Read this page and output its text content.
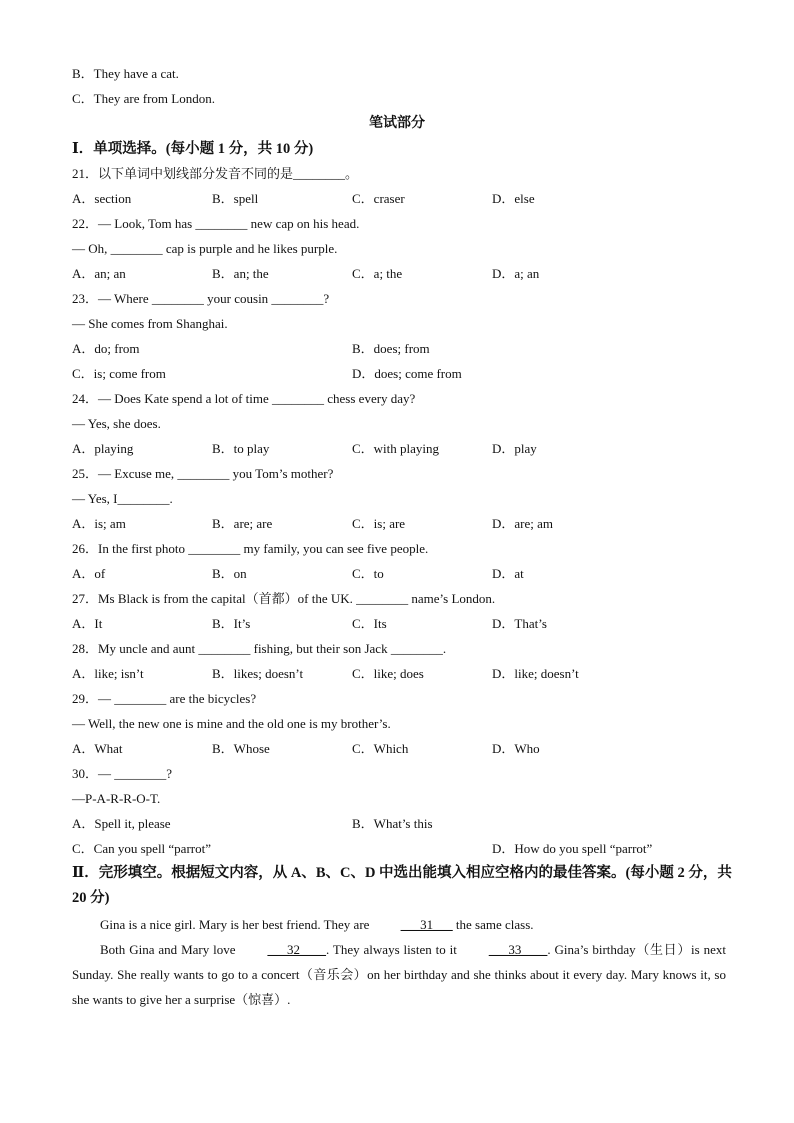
B．They have a cat.
C．They are from London.
笔试部分
Ⅰ．单项选择。(每小题 1 分，共 10 分)
21．以下单词中划线部分发音不同的是________。
A．section	B．spell	C．craser	D．else
22．— Look, Tom has ________ new cap on his head.
— Oh, ________ cap is purple and he likes purple.
A．an; an	B．an; the	C．a; the	D．a; an
23．— Where ________ your cousin ________?
— She comes from Shanghai.
A．do; from	B．does; from
C．is; come from	D．does; come from
24．— Does Kate spend a lot of time ________ chess every day?
— Yes, she does.
A．playing	B．to play	C．with playing	D．play
25．— Excuse me, ________ you Tom’s mother?
— Yes, I________.
A．is; am	B．are; are	C．is; are	D．are; am
26．In the first photo ________ my family, you can see five people.
A．of	B．on	C．to	D．at
27．Ms Black is from the capital（首都）of the UK. ________ name’s London.
A．It	B．It’s	C．Its	D．That’s
28．My uncle and aunt ________ fishing, but their son Jack ________.
A．like; isn’t	B．likes; doesn’t	C．like; does	D．like; doesn’t
29．— ________ are the bicycles?
— Well, the new one is mine and the old one is my brother’s.
A．What	B．Whose	C．Which	D．Who
30．— ________?
—P-A-R-R-O-T.
A．Spell it, please	B．What’s this
C．Can you spell “parrot”	D．How do you spell “parrot”
Ⅱ．完形填空。根据短文内容，从 A、B、C、D 中选出能填入相应空格内的最佳答案。(每小题 2 分，共 20 分)
Gina is a nice girl. Mary is her best friend. They are ___31___ the same class.
Both Gina and Mary love ___32____. They always listen to it ___33____. Gina’s birthday（生日）is next Sunday. She really wants to go to a concert（音乐会）on her birthday and she thinks about it every day. Mary knows it, so she wants to give her a surprise（惊喜）.
